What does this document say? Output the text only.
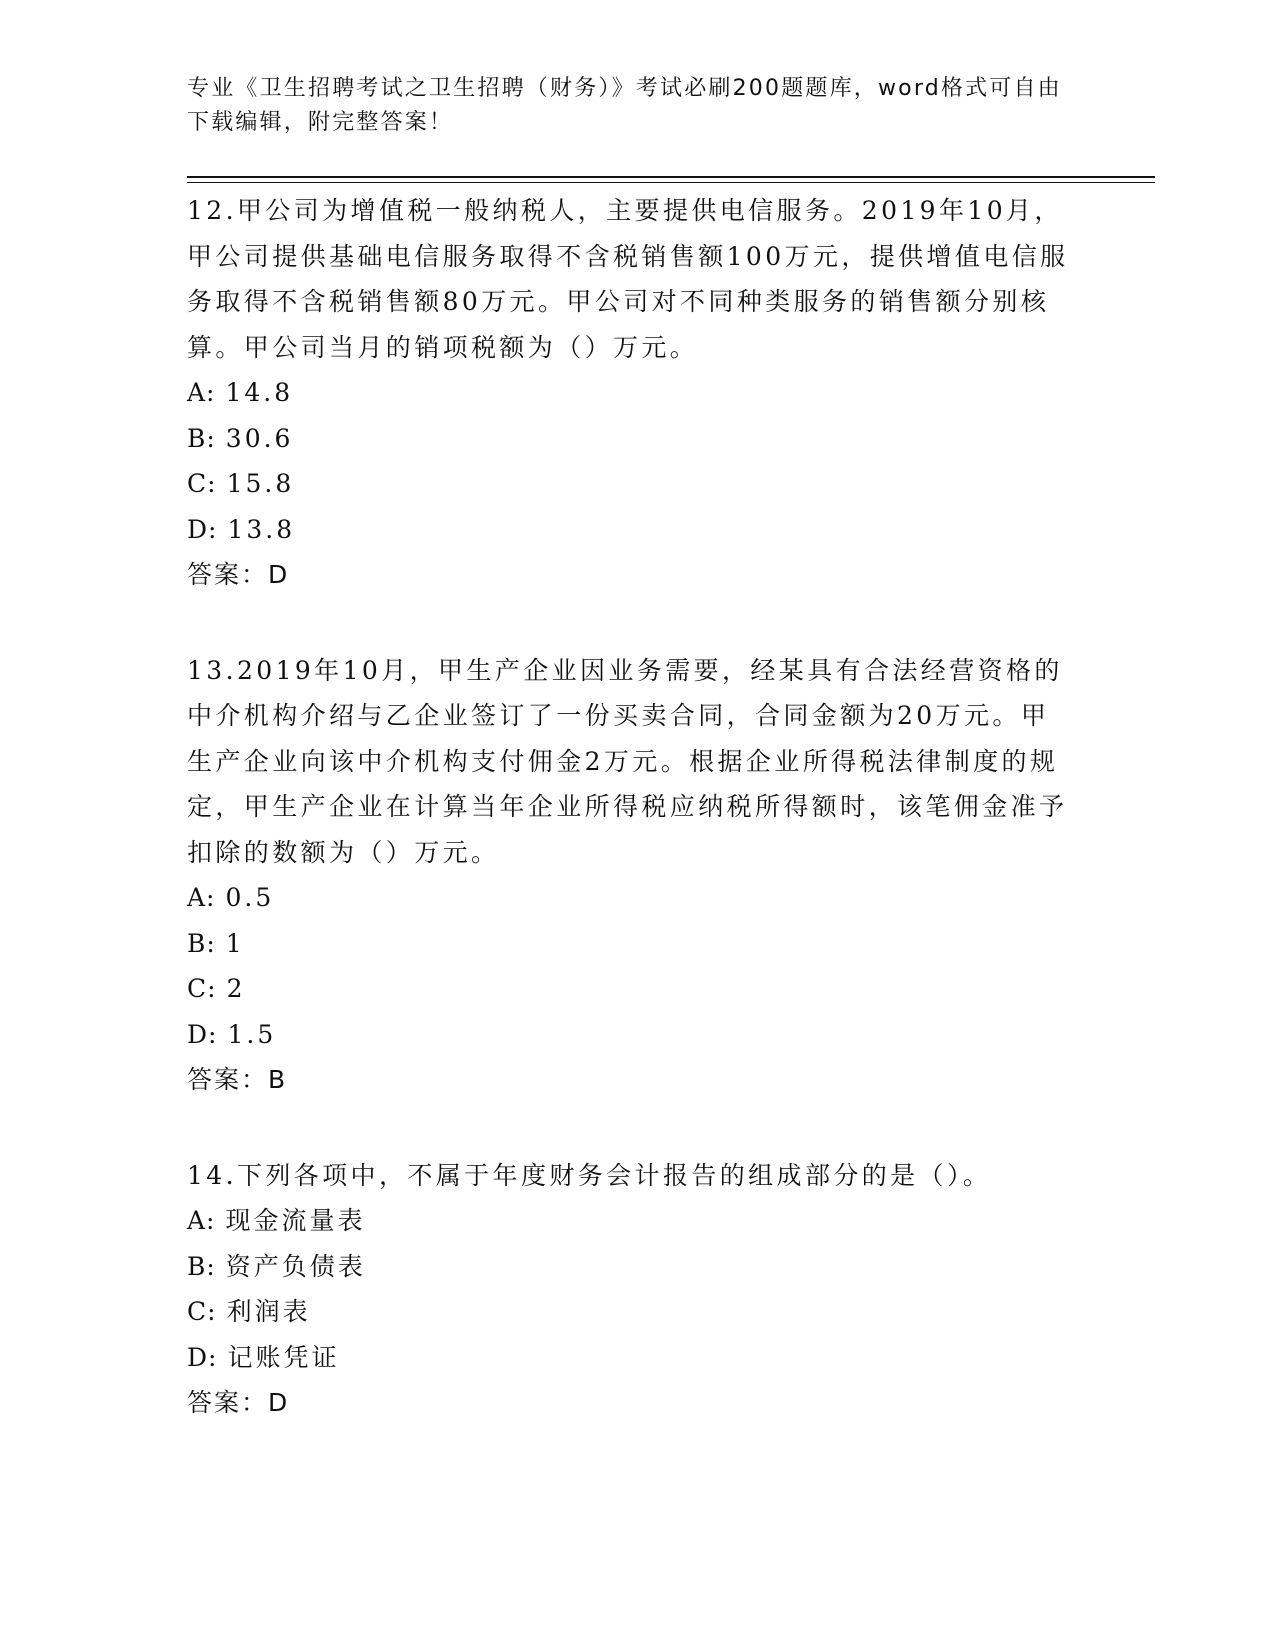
专业《卫生招聘考试之卫生招聘（财务）》考试必刷200题题库，word格式可自由下载编辑，附完整答案！

12.甲公司为增值税一般纳税人，主要提供电信服务。2019年10月，甲公司提供基础电信服务取得不含税销售额100万元，提供增值电信服务取得不含税销售额80万元。甲公司对不同种类服务的销售额分别核算。甲公司当月的销项税额为（）万元。

A: 14.8

B: 30.6

C: 15.8

D: 13.8

答案：D

13.2019年10月，甲生产企业因业务需要，经某具有合法经营资格的中介机构介绍与乙企业签订了一份买卖合同，合同金额为20万元。甲生产企业向该中介机构支付佣金2万元。根据企业所得税法律制度的规定，甲生产企业在计算当年企业所得税应纳税所得额时，该笔佣金准予扣除的数额为（）万元。

A: 0.5

B: 1

C: 2

D: 1.5

答案：B

14.下列各项中，不属于年度财务会计报告的组成部分的是（）。

A: 现金流量表

B: 资产负债表

C: 利润表

D: 记账凭证

答案：D
